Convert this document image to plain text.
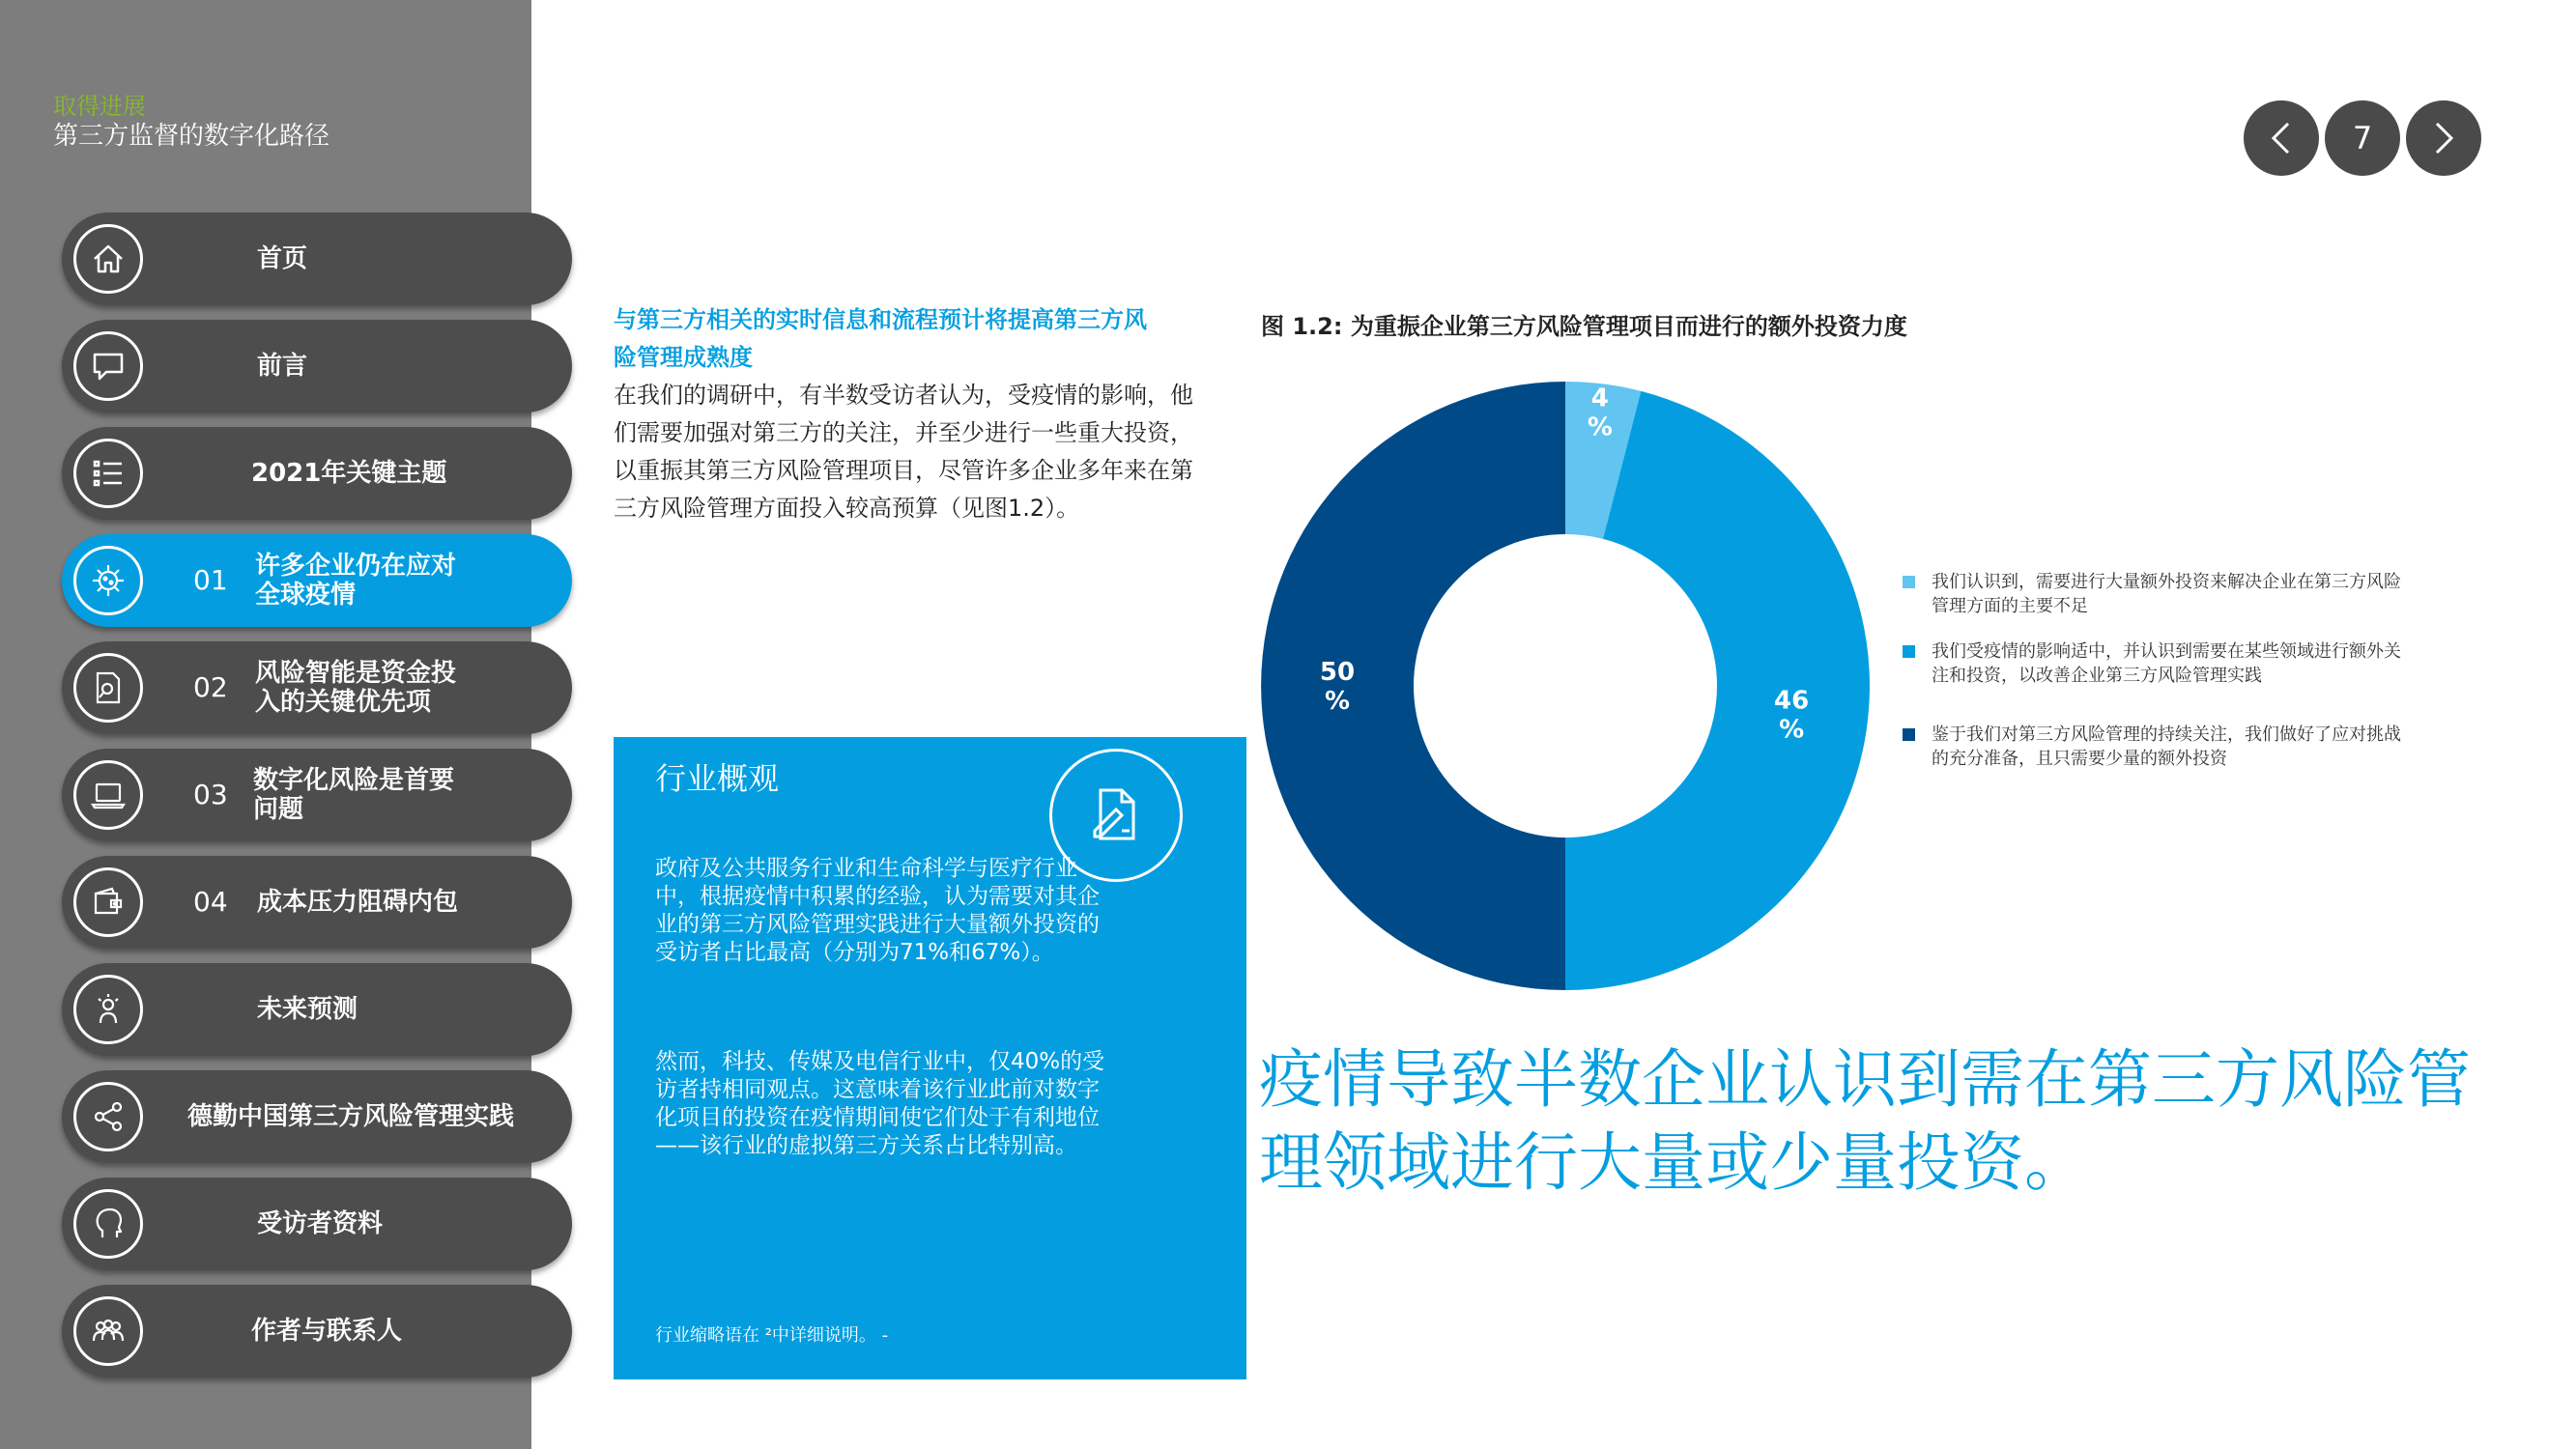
取得进展
第三方监督的数字化路径
首页
前言
2021年关键主题
01 许多企业仍在应对
全球疫情
02 风险智能是资金投
入的关键优先项
03 数字化风险是首要
问题
04 成本压力阻碍内包
未来预测
德勤中国第三方风险管理实践
受访者资料
作者与联系人
7
与第三方相关的实时信息和流程预计将提高第三方风险管理成熟度
在我们的调研中，有半数受访者认为，受疫情的影响，他们需要加强对第三方的关注，并至少进行一些重大投资，以重振其第三方风险管理项目，尽管许多企业多年来在第三方风险管理方面投入较高预算（见图1.2）。
行业概观
政府及公共服务行业和生命科学与医疗行业中，根据疫情中积累的经验，认为需要对其企业的第三方风险管理实践进行大量额外投资的受访者占比最高（分别为71%和67%）。
然而，科技、传媒及电信行业中，仅40%的受访者持相同观点。这意味着该行业此前对数字化项目的投资在疫情期间使它们处于有利地位——该行业的虚拟第三方关系占比特别高。
行业缩略语在 ²中详细说明。 -
图 1.2: 为重振企业第三方风险管理项目而进行的额外投资力度
4 %
46 %
50 %
我们认识到，需要进行大量额外投资来解决企业在第三方风险管理方面的主要不足
我们受疫情的影响适中，并认识到需要在某些领域进行额外关注和投资，以改善企业第三方风险管理实践
鉴于我们对第三方风险管理的持续关注，我们做好了应对挑战的充分准备，且只需要少量的额外投资
疫情导致半数企业认识到需在第三方风险管理领域进行大量或少量投资。
